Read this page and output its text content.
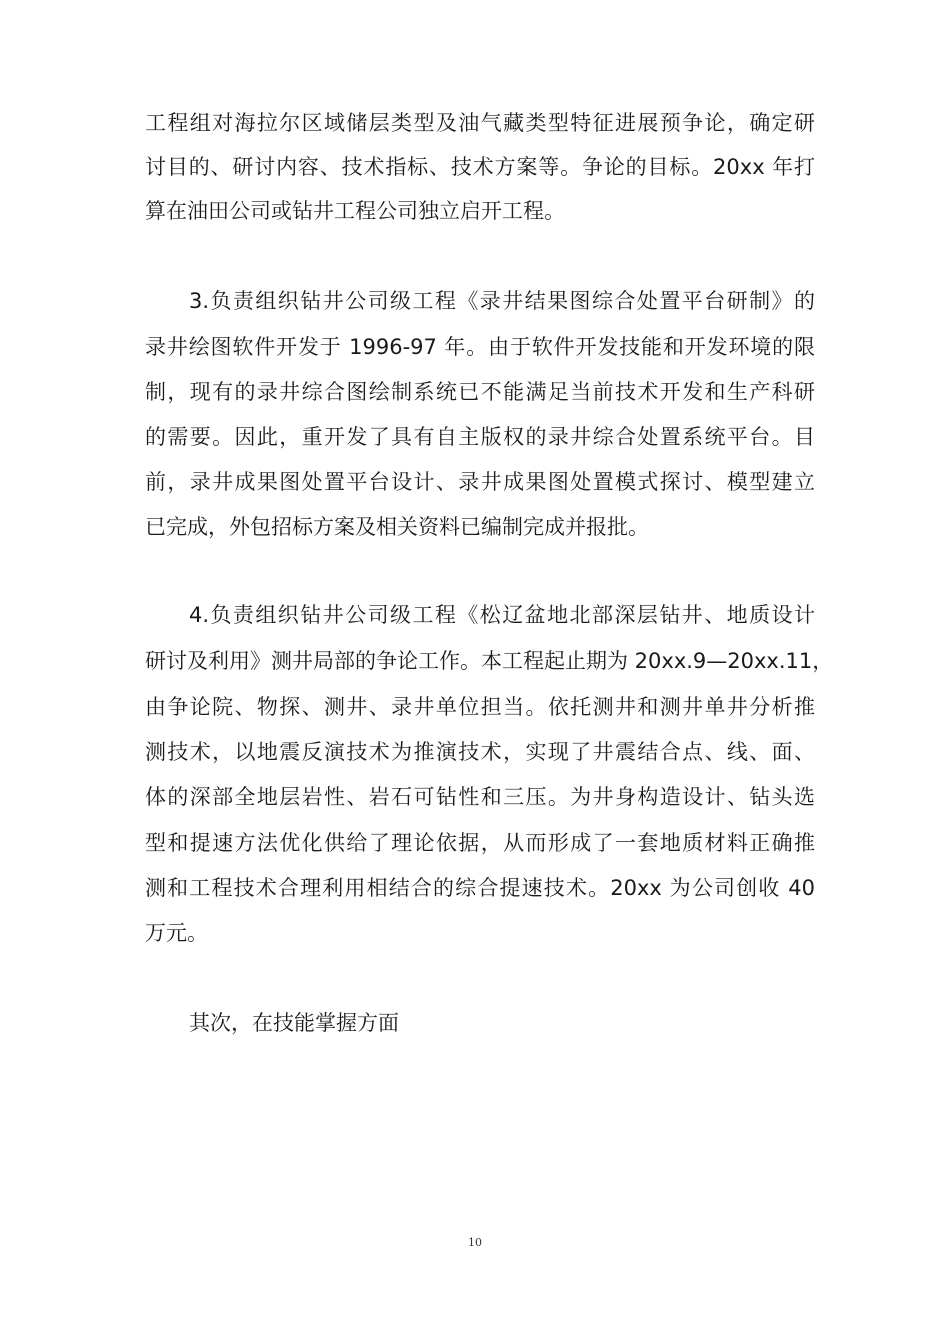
工程组对海拉尔区域储层类型及油气藏类型特征进展预争论，确定研
讨目的、研讨内容、技术指标、技术方案等。争论的目标。20xx 年打
算在油田公司或钻井工程公司独立启开工程。
3.负责组织钻井公司级工程《录井结果图综合处置平台研制》的
录井绘图软件开发于 1996-97 年。由于软件开发技能和开发环境的限
制，现有的录井综合图绘制系统已不能满足当前技术开发和生产科研
的需要。因此，重开发了具有自主版权的录井综合处置系统平台。目
前，录井成果图处置平台设计、录井成果图处置模式探讨、模型建立
已完成，外包招标方案及相关资料已编制完成并报批。
4.负责组织钻井公司级工程《松辽盆地北部深层钻井、地质设计
研讨及利用》测井局部的争论工作。本工程起止期为 20xx.9—20xx.11，
由争论院、物探、测井、录井单位担当。依托测井和测井单井分析推
测技术，以地震反演技术为推演技术，实现了井震结合点、线、面、
体的深部全地层岩性、岩石可钻性和三压。为井身构造设计、钻头选
型和提速方法优化供给了理论依据，从而形成了一套地质材料正确推
测和工程技术合理利用相结合的综合提速技术。20xx 为公司创收 40
万元。
其次，在技能掌握方面
10
